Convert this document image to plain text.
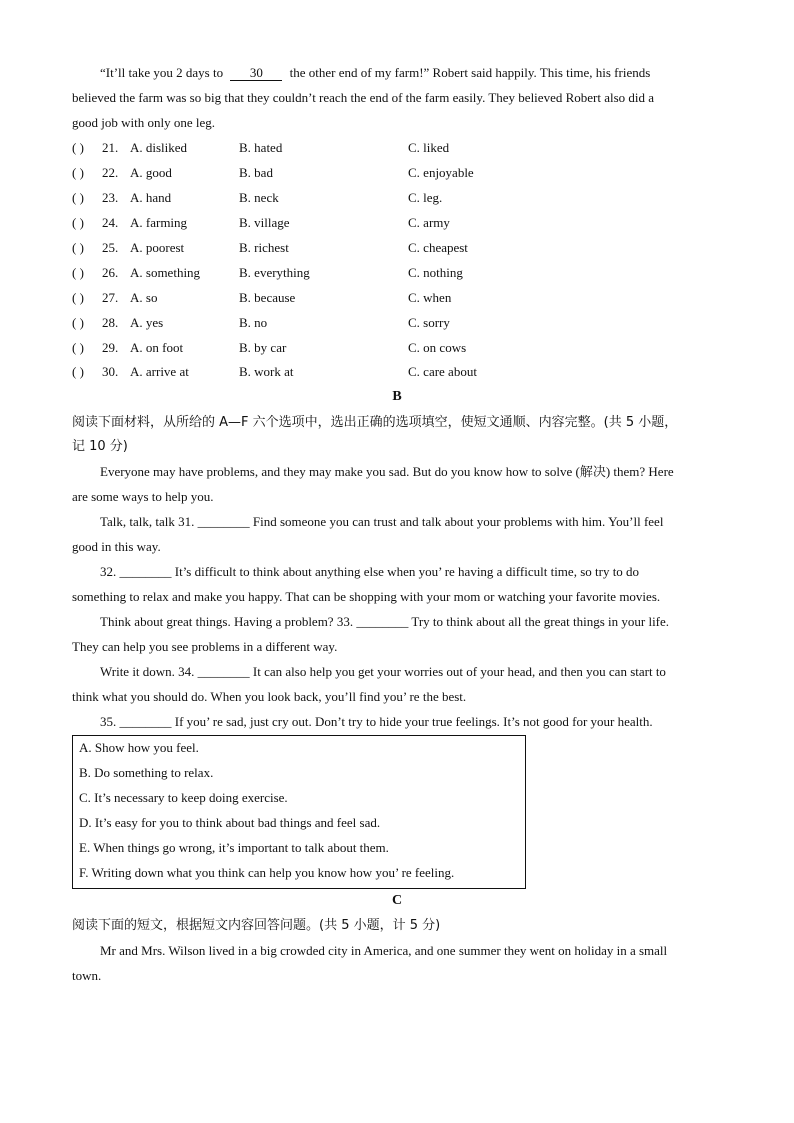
“It’ll take you 2 days to 30 the other end of my farm!” Robert said happily. This time, his friends
believed the farm was so big that they couldn’t reach the end of the farm easily. They believed Robert also did a
good job with only one leg.
( ) 21. A. disliked	B. hated	C. liked
( ) 22. A. good	B. bad	C. enjoyable
( ) 23. A. hand	B. neck	C. leg.
( ) 24. A. farming	B. village	C. army
( ) 25. A. poorest	B. richest	C. cheapest
( ) 26. A. something	B. everything	C. nothing
( ) 27. A. so	B. because	C. when
( ) 28. A. yes	B. no	C. sorry
( ) 29. A. on foot	B. by car	C. on cows
( ) 30. A. arrive at	B. work at	C. care about
B
阅读下面材料，从所给的 A—F 六个选项中，选出正确的选项填空，使短文通顺、内容完整。(共 5 小题，
记 10 分)
Everyone may have problems, and they may make you sad. But do you know how to solve (解决) them? Here
are some ways to help you.
Talk, talk, talk 31. ________ Find someone you can trust and talk about your problems with him. You’ll feel
good in this way.
32. ________ It’s difficult to think about anything else when you’ re having a difficult time, so try to do
something to relax and make you happy. That can be shopping with your mom or watching your favorite movies.
Think about great things. Having a problem? 33. ________ Try to think about all the great things in your life.
They can help you see problems in a different way.
Write it down. 34. ________ It can also help you get your worries out of your head, and then you can start to
think what you should do. When you look back, you’ll find you’ re the best.
35. ________ If you’ re sad, just cry out. Don’t try to hide your true feelings. It’s not good for your health.
A. Show how you feel.
B. Do something to relax.
C. It’s necessary to keep doing exercise.
D. It’s easy for you to think about bad things and feel sad.
E. When things go wrong, it’s important to talk about them.
F. Writing down what you think can help you know how you’ re feeling.
C
阅读下面的短文，根据短文内容回答问题。(共 5 小题，计 5 分)
Mr and Mrs. Wilson lived in a big crowded city in America, and one summer they went on holiday in a small
town.
